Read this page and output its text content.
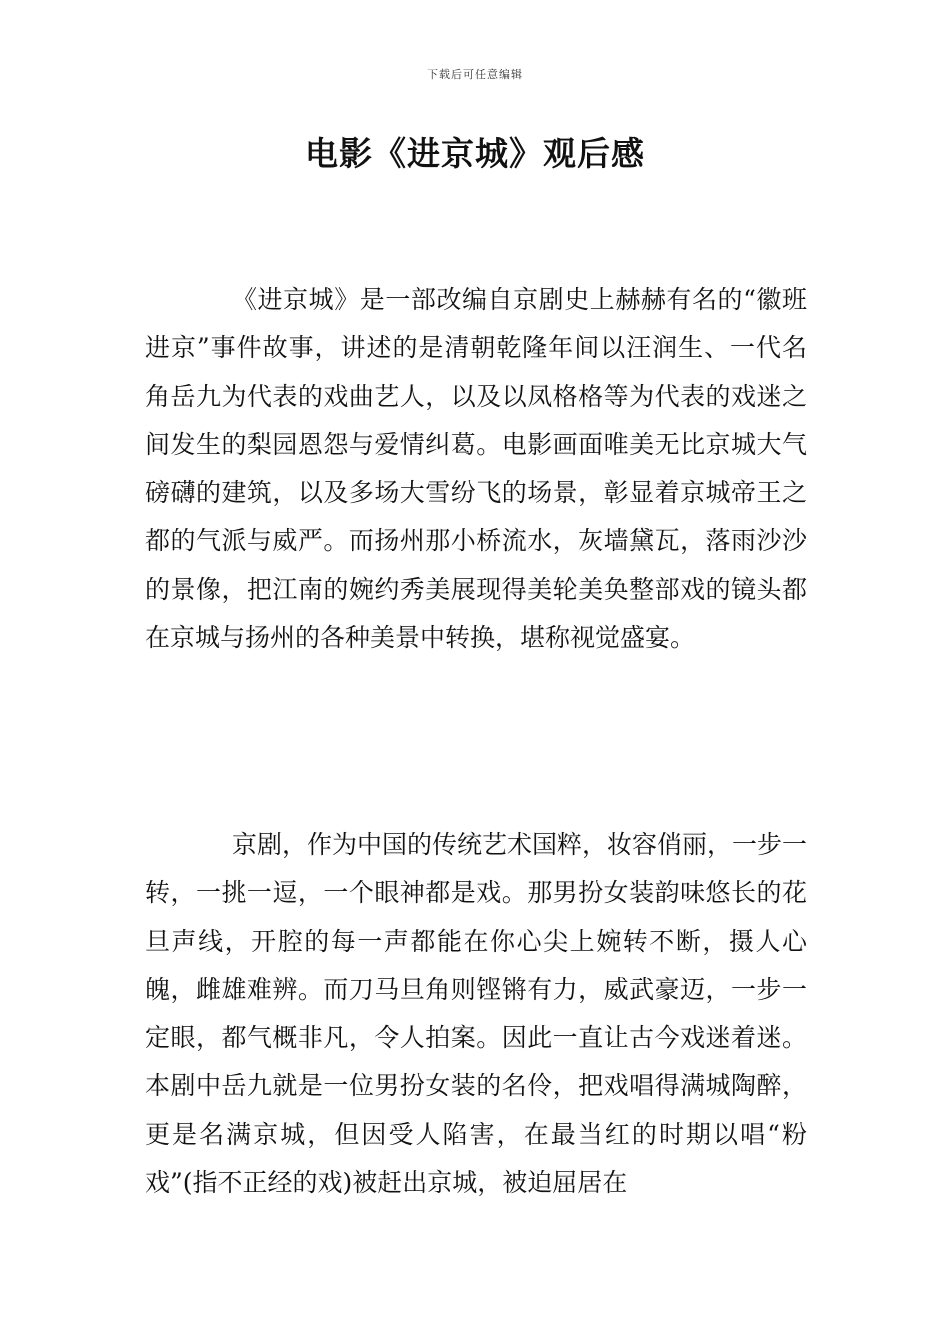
下载后可任意编辑
电影《进京城》观后感

《进京城》是一部改编自京剧史上赫赫有名的“徽班进京”事件故事，讲述的是清朝乾隆年间以汪润生、一代名角岳九为代表的戏曲艺人，以及以凤格格等为代表的戏迷之间发生的梨园恩怨与爱情纠葛。电影画面唯美无比京城大气磅礴的建筑，以及多场大雪纷飞的场景，彰显着京城帝王之都的气派与威严。而扬州那小桥流水，灰墙黛瓦，落雨沙沙的景像，把江南的婉约秀美展现得美轮美奂整部戏的镜头都在京城与扬州的各种美景中转换，堪称视觉盛宴。

京剧，作为中国的传统艺术国粹，妆容俏丽，一步一转，一挑一逗，一个眼神都是戏。那男扮女装韵味悠长的花旦声线，开腔的每一声都能在你心尖上婉转不断，摄人心魄，雌雄难辨。而刀马旦角则铿锵有力，威武豪迈，一步一定眼，都气概非凡，令人拍案。因此一直让古今戏迷着迷。本剧中岳九就是一位男扮女装的名伶，把戏唱得满城陶醉，更是名满京城，但因受人陷害，在最当红的时期以唱“粉戏”(指不正经的戏)被赶出京城，被迫屈居在
